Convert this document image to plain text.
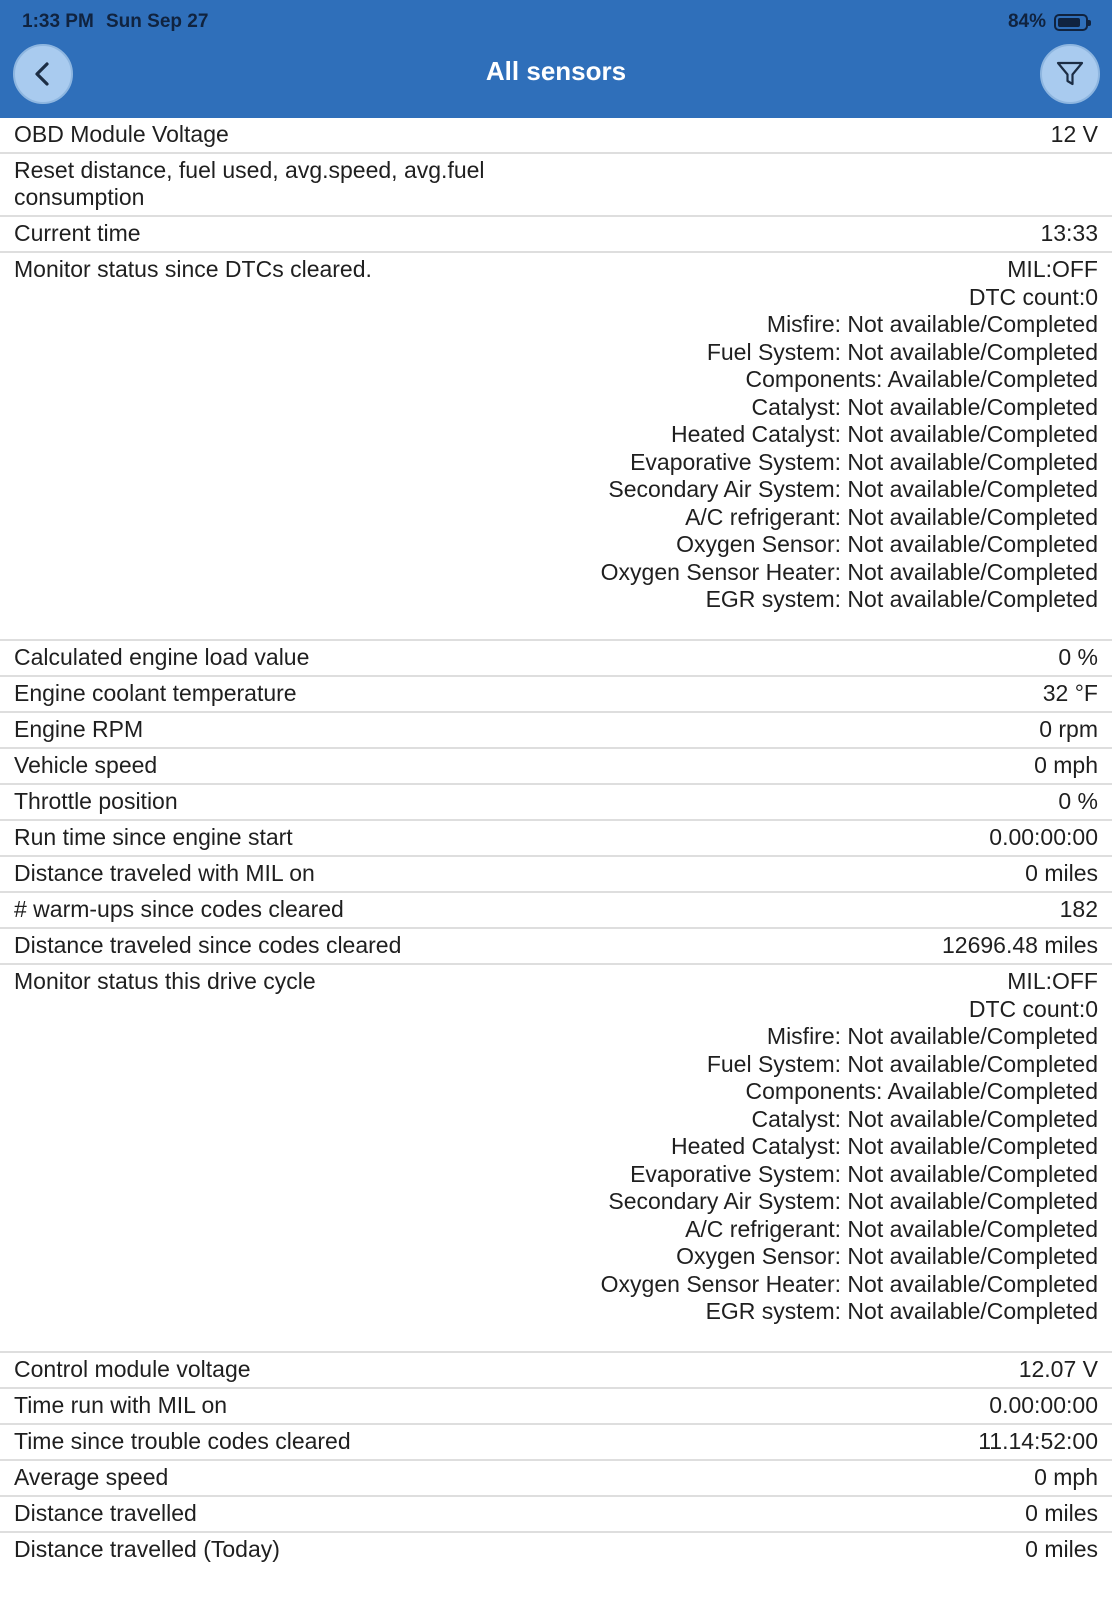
1:33 PM Sun Sep 27	84%
All sensors
OBD Module Voltage	12 V
Reset distance, fuel used, avg.speed, avg.fuel consumption
Current time	13:33
Monitor status since DTCs cleared.	MIL:OFF
DTC count:0
Misfire: Not available/Completed
Fuel System: Not available/Completed
Components: Available/Completed
Catalyst: Not available/Completed
Heated Catalyst: Not available/Completed
Evaporative System: Not available/Completed
Secondary Air System: Not available/Completed
A/C refrigerant: Not available/Completed
Oxygen Sensor: Not available/Completed
Oxygen Sensor Heater: Not available/Completed
EGR system: Not available/Completed
Calculated engine load value	0 %
Engine coolant temperature	32 °F
Engine RPM	0 rpm
Vehicle speed	0 mph
Throttle position	0 %
Run time since engine start	0.00:00:00
Distance traveled with MIL on	0 miles
# warm-ups since codes cleared	182
Distance traveled since codes cleared	12696.48 miles
Monitor status this drive cycle	MIL:OFF
DTC count:0
Misfire: Not available/Completed
Fuel System: Not available/Completed
Components: Available/Completed
Catalyst: Not available/Completed
Heated Catalyst: Not available/Completed
Evaporative System: Not available/Completed
Secondary Air System: Not available/Completed
A/C refrigerant: Not available/Completed
Oxygen Sensor: Not available/Completed
Oxygen Sensor Heater: Not available/Completed
EGR system: Not available/Completed
Control module voltage	12.07 V
Time run with MIL on	0.00:00:00
Time since trouble codes cleared	11.14:52:00
Average speed	0 mph
Distance travelled	0 miles
Distance travelled (Today)	0 miles
